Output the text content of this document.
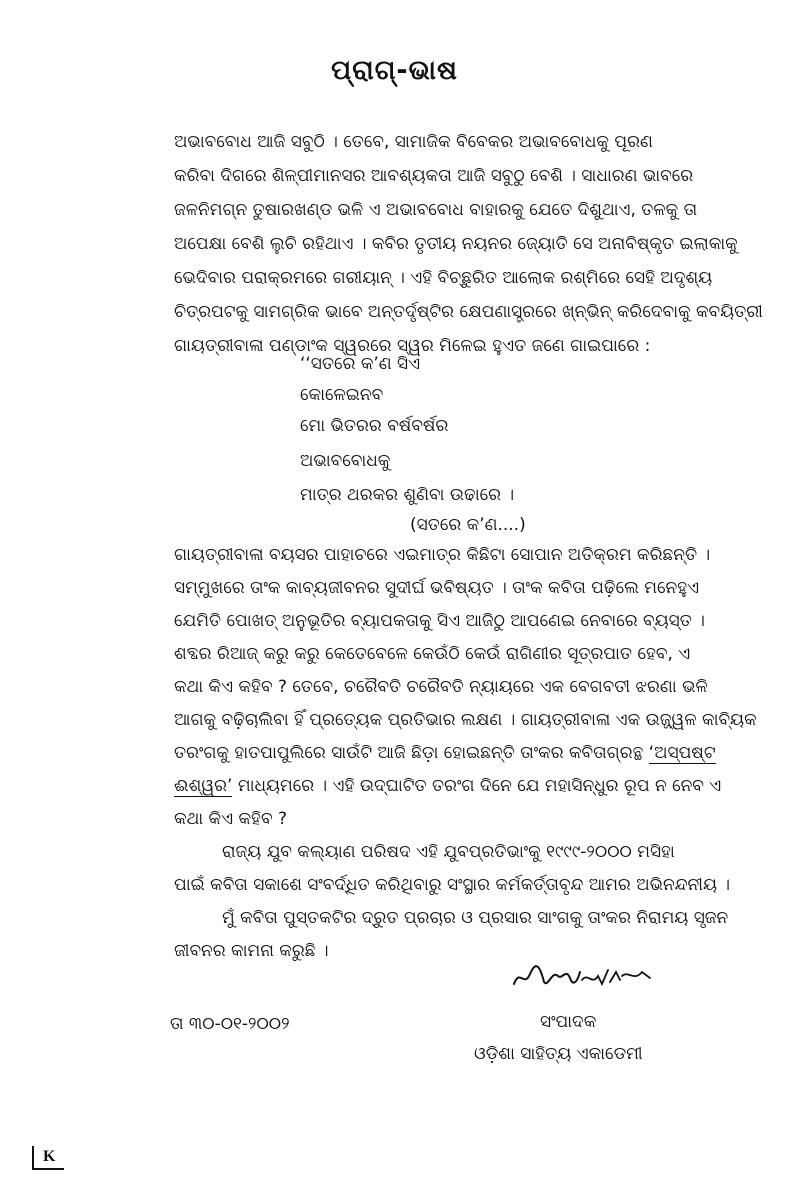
ପ୍ରାଗ୍-ଭାଷ
ଅଭାବବୋଧ ଆଜି ସବୁଠି । ତେବେ, ସାମାଜିକ ବିବେକର ଅଭାବବୋଧକୁ ପୂରଣ
କରିବା ଦିଗରେ ଶିଳ୍ପୀମାନସର ଆବଶ୍ୟକତା ଆଜି ସବୁଠୁ ବେଶି । ସାଧାରଣ ଭାବରେ
ଜଳନିମଗ୍ନ ତୁଷାରଖଣ୍ଡ ଭଳି ଏ ଅଭାବବୋଧ ବାହାରକୁ ଯେତେ ଦିଶୁଥାଏ, ତଳକୁ ତା
ଅପେକ୍ଷା ବେଶି ଲୁଚି ରହିଥାଏ । କବିର ତୃତୀୟ ନୟନର ଜ୍ୟୋତି ସେ ଅନାବିଷ୍କୃତ ଇଲାକାକୁ
ଭେଦିବାର ପରାକ୍ରମରେ ଗରୀୟାନ୍ । ଏହି ବିଚ୍ଛୁରିତ ଆଲୋକ ରଶ୍ମିରେ ସେହି ଅଦୃଶ୍ୟ
ଚିତ୍ରପଟକୁ ସାମଗ୍ରିକ ଭାବେ ଅନ୍ତର୍ଦୃଷ୍ଟିର କ୍ଷେପଣାସ୍ତ୍ରରେ ଖ୍ନ୍‌ଭିନ୍ କରିଦେବାକୁ କବୟିତ୍ରୀ
ଗାୟତ୍ରୀବାଳା ପଣ୍ଡାଂକ ସ୍ୱରରେ ସ୍ୱର ମିଳେଇ ହୁଏତ ଜଣେ ଗାଇପାରେ :
‘‘ସତରେ କ’ଣ ସିଏ
କୋଳେଇନବ
ମୋ ଭିତରର ବର୍ଷବର୍ଷର
ଅଭାବବୋଧକୁ
ମାତ୍ର ଥରକର ଶୁଣିବା ଉଢାରେ ।
(ସତରେ କ’ଣ....)
ଗାୟତ୍ରୀବାଳା ବୟସର ପାହାଚରେ ଏଇମାତ୍ର କିଛିଟା ସୋପାନ ଅତିକ୍ରମ କରିଛନ୍ତି ।
ସମ୍ମୁଖରେ ତାଂକ କାବ୍ୟଜୀବନର ସୁଦୀର୍ଘ ଭବିଷ୍ୟତ । ତାଂକ କବିତା ପଢ଼ିଲେ ମନେହୁଏ
ଯେମିତି ପୋଖତ୍ ଅନୁଭୂତିର ବ୍ୟାପକତାକୁ ସିଏ ଆଜିଠୁ ଆପଣେଇ ନେବାରେ ବ୍ୟସ୍ତ ।
ଶବ୍ଦର ରିଆଜ୍ କରୁ କରୁ କେତେବେଳେ କେଉଁଠି କେଉଁ ରାଗିଣୀର ସୂତ୍ରପାତ ହେବ, ଏ
କଥା କିଏ କହିବ ? ତେବେ, ଚରୈବତି ଚରୈବତି ନ୍ୟାୟରେ ଏକ ବେଗବତୀ ଝରଣା ଭଳି
ଆଗକୁ ବଢ଼ିଚାଲିବା ହିଁ ପ୍ରତ୍ୟେକ ପ୍ରତିଭାର ଲକ୍ଷଣ । ଗାୟତ୍ରୀବାଳା ଏକ ଉଜ୍ଜ୍ୱଳ କାବ୍ୟିକ
ତରଂଗକୁ ହାତପାପୁଲିରେ ସାଉଁଟି ଆଜି ଛିଡ଼ା ହୋଇଛନ୍ତି ତାଂକର କବିତାଗ୍ରନ୍ଥ ‘ଅସ୍ପଷ୍ଟ
ଈଶ୍ୱର’ ମାଧ୍ୟମରେ । ଏହି ଉଦ୍‌ଘାଟିତ ତରଂଗ ଦିନେ ଯେ ମହାସିନ୍ଧୁର ରୂପ ନ ନେବ ଏ
କଥା କିଏ କହିବ ?
ରାଜ୍ୟ ଯୁବ କଲ୍ୟାଣ ପରିଷଦ ଏହି ଯୁବପ୍ରତିଭାଂକୁ ୧୯୯୯-୨୦୦୦ ମସିହା
ପାଇଁ କବିତା ସକାଶେ ସଂବର୍ଦ୍ଧିତ କରିଥିବାରୁ ସଂସ୍ଥାର କର୍ମକର୍ତ୍ତାବୃନ୍ଦ ଆମର ଅଭିନନ୍ଦନୀୟ ।
ମୁଁ କବିତା ପୁସ୍ତକଟିର ଦ୍ରୁତ ପ୍ରଚାର ଓ ପ୍ରସାର ସାଂଗକୁ ତାଂକର ନିରାମୟ ସୃଜନ
ଜୀବନର କାମନା କରୁଛି ।
ତା ୩୦-୦୧-୨୦୦୨	ସଂପାଦକ
ଓଡ଼ିଶା ସାହିତ୍ୟ ଏକାଡେମୀ
K
